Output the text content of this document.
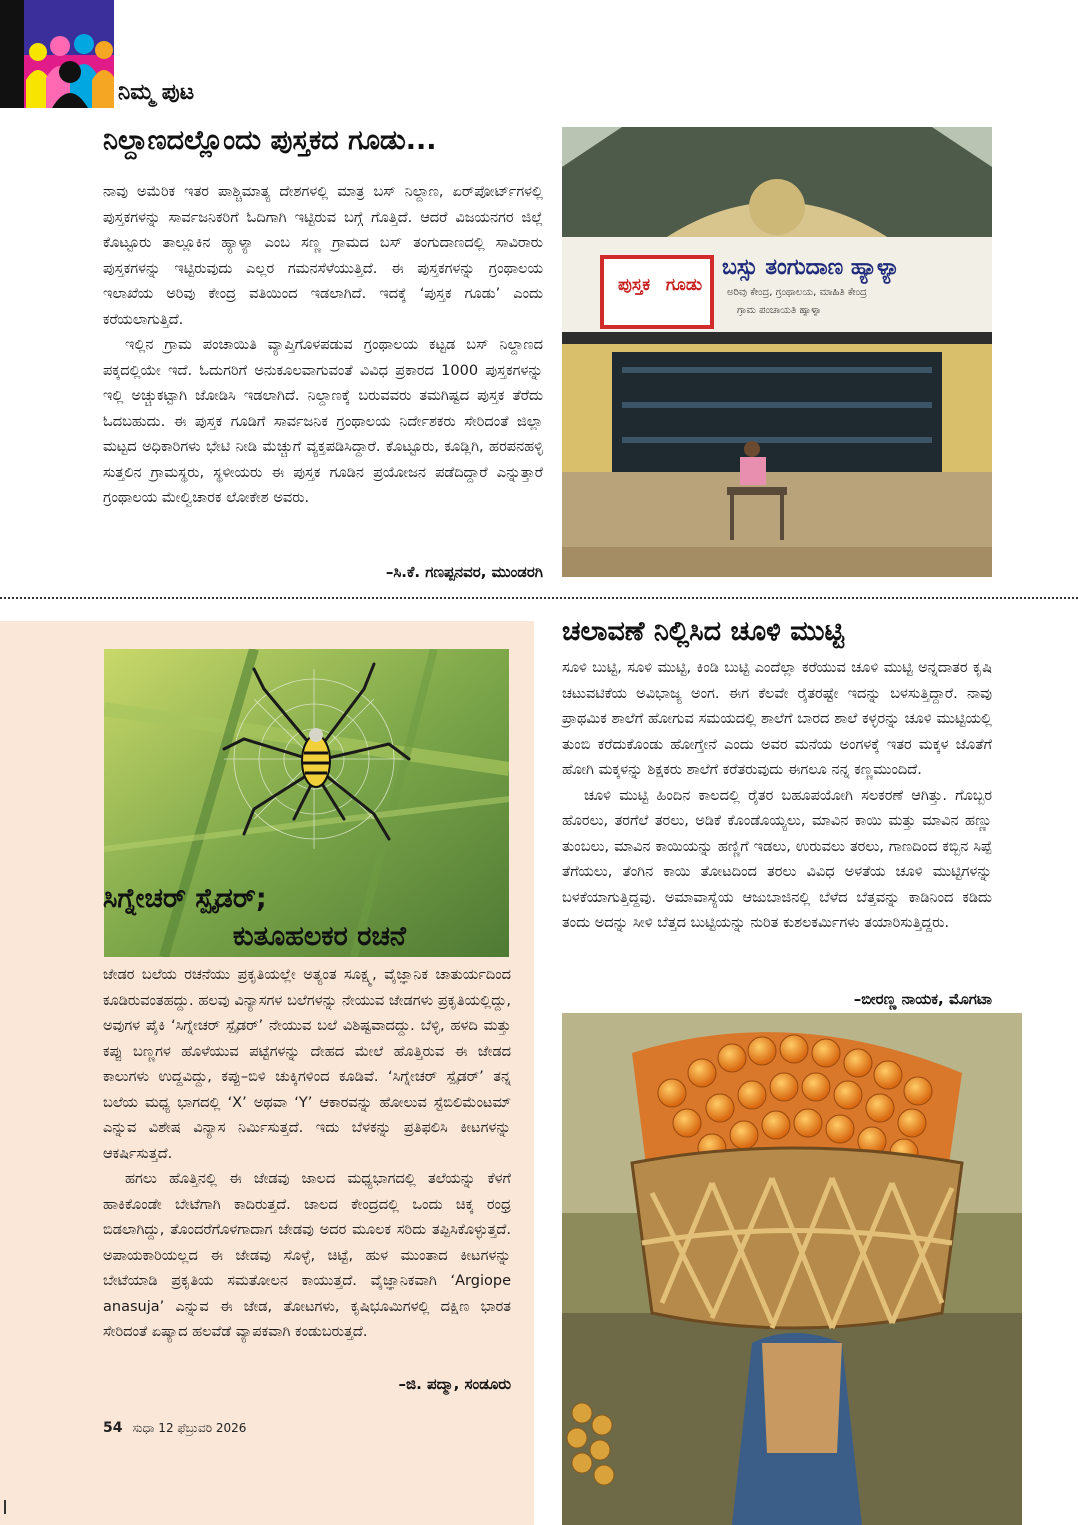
ನಿಮ್ಮ ಪುಟ
ನಿಲ್ದಾಣದಲ್ಲೊಂದು ಪುಸ್ತಕದ ಗೂಡು...

ನಾವು ಅಮೆರಿಕ ಇತರ ಪಾಶ್ಚಿಮಾತ್ಯ ದೇಶಗಳಲ್ಲಿ ಮಾತ್ರ ಬಸ್ ನಿಲ್ದಾಣ, ಏರ್‌ಪೋರ್ಟ್‌ಗಳಲ್ಲಿ ಪುಸ್ತಕಗಳನ್ನು ಸಾರ್ವಜನಿಕರಿಗೆ ಓದಿಗಾಗಿ ಇಟ್ಟಿರುವ ಬಗ್ಗೆ ಗೊತ್ತಿದೆ. ಆದರೆ ವಿಜಯನಗರ ಜಿಲ್ಲೆ ಕೊಟ್ಟೂರು ತಾಲ್ಲೂಕಿನ ಹ್ಯಾಳ್ಯಾ ಎಂಬ ಸಣ್ಣ ಗ್ರಾಮದ ಬಸ್ ತಂಗುದಾಣದಲ್ಲಿ ಸಾವಿರಾರು ಪುಸ್ತಕಗಳನ್ನು ಇಟ್ಟಿರುವುದು ಎಲ್ಲರ ಗಮನಸೆಳೆಯುತ್ತಿದೆ. ಈ ಪುಸ್ತಕಗಳನ್ನು ಗ್ರಂಥಾಲಯ ಇಲಾಖೆಯ ಅರಿವು ಕೇಂದ್ರ ವತಿಯಿಂದ ಇಡಲಾಗಿದೆ. ಇದಕ್ಕೆ ‘ಪುಸ್ತಕ ಗೂಡು’ ಎಂದು ಕರೆಯಲಾಗುತ್ತಿದೆ.

ಇಲ್ಲಿನ ಗ್ರಾಮ ಪಂಚಾಯಿತಿ ವ್ಯಾಪ್ತಿಗೊಳಪಡುವ ಗ್ರಂಥಾಲಯ ಕಟ್ಟಡ ಬಸ್ ನಿಲ್ದಾಣದ ಪಕ್ಕದಲ್ಲಿಯೇ ಇದೆ. ಓದುಗರಿಗೆ ಅನುಕೂಲವಾಗುವಂತೆ ವಿವಿಧ ಪ್ರಕಾರದ 1000 ಪುಸ್ತಕಗಳನ್ನು ಇಲ್ಲಿ ಅಚ್ಚುಕಟ್ಟಾಗಿ ಜೋಡಿಸಿ ಇಡಲಾಗಿದೆ. ನಿಲ್ದಾಣಕ್ಕೆ ಬರುವವರು ತಮಗಿಷ್ಟದ ಪುಸ್ತಕ ತೆರೆದು ಓದಬಹುದು. ಈ ಪುಸ್ತಕ ಗೂಡಿಗೆ ಸಾರ್ವಜನಿಕ ಗ್ರಂಥಾಲಯ ನಿರ್ದೇಶಕರು ಸೇರಿದಂತೆ ಜಿಲ್ಲಾ ಮಟ್ಟದ ಅಧಿಕಾರಿಗಳು ಭೇಟಿ ನೀಡಿ ಮೆಚ್ಚುಗೆ ವ್ಯಕ್ತಪಡಿಸಿದ್ದಾರೆ. ಕೊಟ್ಟೂರು, ಕೂಡ್ಲಿಗಿ, ಹರಪನಹಳ್ಳಿ ಸುತ್ತಲಿನ ಗ್ರಾಮಸ್ಥರು, ಸ್ಥಳೀಯರು ಈ ಪುಸ್ತಕ ಗೂಡಿನ ಪ್ರಯೋಜನ ಪಡೆದಿದ್ದಾರೆ ಎನ್ನುತ್ತಾರೆ ಗ್ರಂಥಾಲಯ ಮೇಲ್ವಿಚಾರಕ ಲೋಕೇಶ ಅವರು.

–ಸಿ.ಕೆ. ಗಣಪ್ಪನವರ, ಮುಂಡರಗಿ
ಪುಸ್ತಕ ಗೂಡು
ಬಸ್ಸು ತಂಗುದಾಣ ಹ್ಯಾಳ್ಯಾ
ಅರಿವು ಕೇಂದ್ರ, ಗ್ರಂಥಾಲಯ, ಮಾಹಿತಿ ಕೇಂದ್ರ
ಗ್ರಾಮ ಪಂಚಾಯತಿ ಹ್ಯಾಳ್ಯಾ
ಸಿಗ್ನೇಚರ್ ಸ್ಪೈಡರ್;
ಕುತೂಹಲಕರ ರಚನೆ

ಜೇಡರ ಬಲೆಯ ರಚನೆಯು ಪ್ರಕೃತಿಯಲ್ಲೇ ಅತ್ಯಂತ ಸೂಕ್ಷ್ಮ, ವೈಜ್ಞಾನಿಕ ಚಾತುರ್ಯದಿಂದ ಕೂಡಿರುವಂತಹದ್ದು. ಹಲವು ವಿನ್ಯಾಸಗಳ ಬಲೆಗಳನ್ನು ನೇಯುವ ಜೇಡಗಳು ಪ್ರಕೃತಿಯಲ್ಲಿದ್ದು, ಅವುಗಳ ಪೈಕಿ ‘ಸಿಗ್ನೇಚರ್ ಸ್ಪೈಡರ್’ ನೇಯುವ ಬಲೆ ವಿಶಿಷ್ಟವಾದದ್ದು. ಬೆಳ್ಳಿ, ಹಳದಿ ಮತ್ತು ಕಪ್ಪು ಬಣ್ಣಗಳ ಹೊಳೆಯುವ ಪಟ್ಟೆಗಳನ್ನು ದೇಹದ ಮೇಲೆ ಹೊತ್ತಿರುವ ಈ ಜೇಡದ ಕಾಲುಗಳು ಉದ್ದವಿದ್ದು, ಕಪ್ಪು–ಬಿಳಿ ಚುಕ್ಕಿಗಳಿಂದ ಕೂಡಿವೆ. ‘ಸಿಗ್ನೇಚರ್ ಸ್ಪೈಡರ್’ ತನ್ನ ಬಲೆಯ ಮಧ್ಯ ಭಾಗದಲ್ಲಿ ‘X’ ಅಥವಾ ‘Y’ ಆಕಾರವನ್ನು ಹೋಲುವ ಸ್ಟೆಬಿಲಿಮೆಂಟಮ್ ಎನ್ನುವ ವಿಶೇಷ ವಿನ್ಯಾಸ ನಿರ್ಮಿಸುತ್ತದೆ. ಇದು ಬೆಳಕನ್ನು ಪ್ರತಿಫಲಿಸಿ ಕೀಟಗಳನ್ನು ಆಕರ್ಷಿಸುತ್ತದೆ.

ಹಗಲು ಹೊತ್ತಿನಲ್ಲಿ ಈ ಜೇಡವು ಜಾಲದ ಮಧ್ಯಭಾಗದಲ್ಲಿ ತಲೆಯನ್ನು ಕೆಳಗೆ ಹಾಕಿಕೊಂಡೇ ಬೇಟೆಗಾಗಿ ಕಾದಿರುತ್ತದೆ. ಜಾಲದ ಕೇಂದ್ರದಲ್ಲಿ ಒಂದು ಚಿಕ್ಕ ರಂಧ್ರ ಬಿಡಲಾಗಿದ್ದು, ತೊಂದರೆಗೊಳಗಾದಾಗ ಜೇಡವು ಅದರ ಮೂಲಕ ಸರಿದು ತಪ್ಪಿಸಿಕೊಳ್ಳುತ್ತದೆ. ಅಪಾಯಕಾರಿಯಲ್ಲದ ಈ ಜೇಡವು ಸೊಳ್ಳೆ, ಚಿಟ್ಟೆ, ಹುಳ ಮುಂತಾದ ಕೀಟಗಳನ್ನು ಬೇಟೆಯಾಡಿ ಪ್ರಕೃತಿಯ ಸಮತೋಲನ ಕಾಯುತ್ತದೆ. ವೈಜ್ಞಾನಿಕವಾಗಿ ‘Argiope anasuja’ ಎನ್ನುವ ಈ ಜೇಡ, ತೋಟಗಳು, ಕೃಷಿಭೂಮಿಗಳಲ್ಲಿ ದಕ್ಷಿಣ ಭಾರತ ಸೇರಿದಂತೆ ಏಷ್ಯಾದ ಹಲವೆಡೆ ವ್ಯಾಪಕವಾಗಿ ಕಂಡುಬರುತ್ತದೆ.

–ಜಿ. ಪದ್ಮಾ, ಸಂಡೂರು
54 ಸುಧಾ 12 ಫೆಬ್ರುವರಿ 2026
ಚಲಾವಣೆ ನಿಲ್ಲಿಸಿದ ಚೂಳಿ ಮುಟ್ಟಿ

ಸೂಳಿ ಬುಟ್ಟಿ, ಸೂಳಿ ಮುಟ್ಟಿ, ಕಿಂಡಿ ಬುಟ್ಟಿ ಎಂದೆಲ್ಲಾ ಕರೆಯುವ ಚೂಳಿ ಮುಟ್ಟಿ ಅನ್ನದಾತರ ಕೃಷಿ ಚಟುವಟಿಕೆಯ ಅವಿಭಾಜ್ಯ ಅಂಗ. ಈಗ ಕೆಲವೇ ರೈತರಷ್ಟೇ ಇದನ್ನು ಬಳಸುತ್ತಿದ್ದಾರೆ. ನಾವು ಪ್ರಾಥಮಿಕ ಶಾಲೆಗೆ ಹೋಗುವ ಸಮಯದಲ್ಲಿ ಶಾಲೆಗೆ ಬಾರದ ಶಾಲೆ ಕಳ್ಳರನ್ನು ಚೂಳಿ ಮುಟ್ಟಿಯಲ್ಲಿ ತುಂಬಿ ಕರೆದುಕೊಂಡು ಹೋಗ್ತೇನೆ ಎಂದು ಅವರ ಮನೆಯ ಅಂಗಳಕ್ಕೆ ಇತರ ಮಕ್ಕಳ ಜೊತೆಗೆ ಹೋಗಿ ಮಕ್ಕಳನ್ನು ಶಿಕ್ಷಕರು ಶಾಲೆಗೆ ಕರೆತರುವುದು ಈಗಲೂ ನನ್ನ ಕಣ್ಣಮುಂದಿದೆ.

ಚೂಳಿ ಮುಟ್ಟಿ ಹಿಂದಿನ ಕಾಲದಲ್ಲಿ ರೈತರ ಬಹೂಪಯೋಗಿ ಸಲಕರಣೆ ಆಗಿತ್ತು. ಗೊಬ್ಬರ ಹೊರಲು, ತರಗೆಲೆ ತರಲು, ಅಡಿಕೆ ಕೊಂಡೊಯ್ಯಲು, ಮಾವಿನ ಕಾಯಿ ಮತ್ತು ಮಾವಿನ ಹಣ್ಣು ತುಂಬಲು, ಮಾವಿನ ಕಾಯಿಯನ್ನು ಹಣ್ಣಿಗೆ ಇಡಲು, ಉರುವಲು ತರಲು, ಗಾಣದಿಂದ ಕಬ್ಬಿನ ಸಿಪ್ಪೆ ತೆಗೆಯಲು, ತೆಂಗಿನ ಕಾಯಿ ತೋಟದಿಂದ ತರಲು ವಿವಿಧ ಅಳತೆಯ ಚೂಳಿ ಮುಟ್ಟಿಗಳನ್ನು ಬಳಕೆಯಾಗುತ್ತಿದ್ದವು. ಅಮಾವಾಸ್ಯೆಯ ಆಜುಬಾಜಿನಲ್ಲಿ ಬೆಳೆದ ಬೆತ್ತವನ್ನು ಕಾಡಿನಿಂದ ಕಡಿದು ತಂದು ಅದನ್ನು ಸೀಳಿ ಬೆತ್ತದ ಬುಟ್ಟಿಯನ್ನು ನುರಿತ ಕುಶಲಕರ್ಮಿಗಳು ತಯಾರಿಸುತ್ತಿದ್ದರು.

–ಬೀರಣ್ಣ ನಾಯಕ, ಮೊಗಟಾ
